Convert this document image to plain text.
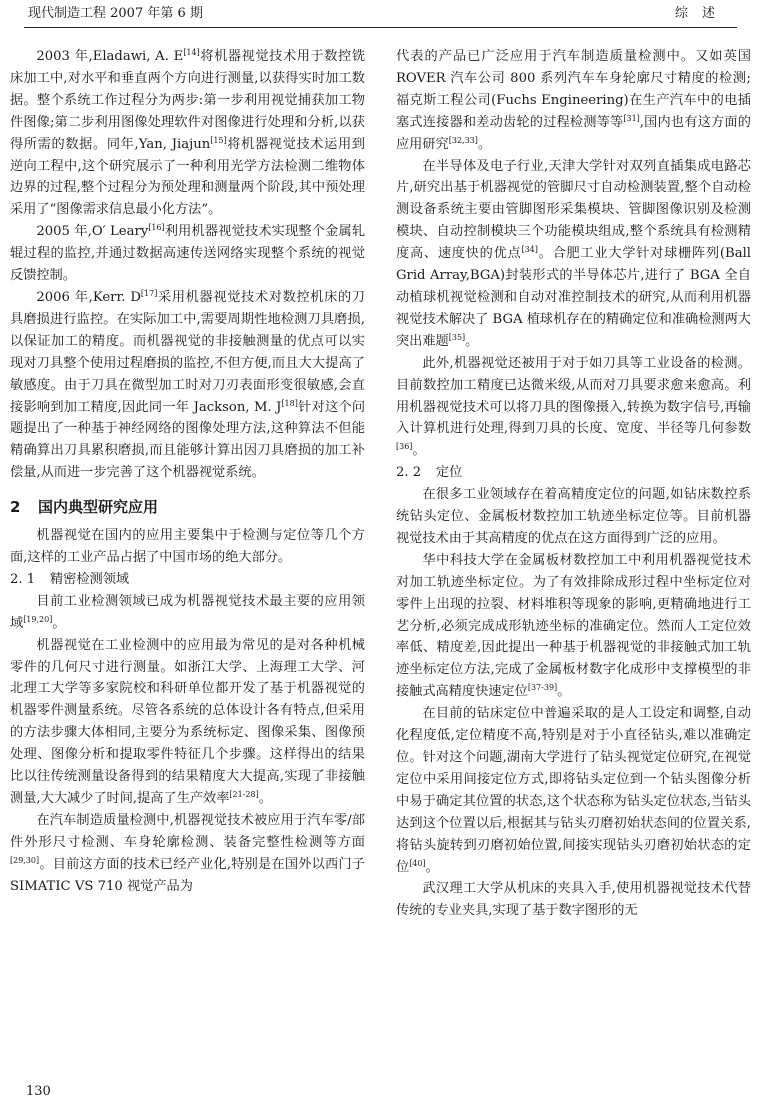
现代制造工程 2007 年第 6 期	综述

2003 年,Eladawi, A. E[14]将机器视觉技术用于数控铣床加工中,对水平和垂直两个方向进行测量,以获得实时加工数据。整个系统工作过程分为两步:第一步利用视觉捕获加工物件图像;第二步利用图像处理软件对图像进行处理和分析,以获得所需的数据。同年,Yan, Jiajun[15]将机器视觉技术运用到逆向工程中,这个研究展示了一种利用光学方法检测二维物体边界的过程,整个过程分为预处理和测量两个阶段,其中预处理采用了“图像需求信息最小化方法”。

2005 年,O′ Leary[16]利用机器视觉技术实现整个金属轧辊过程的监控,并通过数据高速传送网络实现整个系统的视觉反馈控制。

2006 年,Kerr. D[17]采用机器视觉技术对数控机床的刀具磨损进行监控。在实际加工中,需要周期性地检测刀具磨损,以保证加工的精度。而机器视觉的非接触测量的优点可以实现对刀具整个使用过程磨损的监控,不但方便,而且大大提高了敏感度。由于刀具在微型加工时对刀刃表面形变很敏感,会直接影响到加工精度,因此同一年 Jackson, M. J[18]针对这个问题提出了一种基于神经网络的图像处理方法,这种算法不但能精确算出刀具累积磨损,而且能够计算出因刀具磨损的加工补偿量,从而进一步完善了这个机器视觉系统。

2 国内典型研究应用

机器视觉在国内的应用主要集中于检测与定位等几个方面,这样的工业产品占据了中国市场的绝大部分。

2. 1 精密检测领域

目前工业检测领域已成为机器视觉技术最主要的应用领域[19,20]。

机器视觉在工业检测中的应用最为常见的是对各种机械零件的几何尺寸进行测量。如浙江大学、上海理工大学、河北理工大学等多家院校和科研单位都开发了基于机器视觉的机器零件测量系统。尽管各系统的总体设计各有特点,但采用的方法步骤大体相同,主要分为系统标定、图像采集、图像预处理、图像分析和提取零件特征几个步骤。这样得出的结果比以往传统测量设备得到的结果精度大大提高,实现了非接触测量,大大减少了时间,提高了生产效率[21-28]。

在汽车制造质量检测中,机器视觉技术被应用于汽车零/部件外形尺寸检测、车身轮廓检测、装备完整性检测等方面[29,30]。目前这方面的技术已经产业化,特别是在国外以西门子 SIMATIC VS 710 视觉产品为

代表的产品已广泛应用于汽车制造质量检测中。又如英国 ROVER 汽车公司 800 系列汽车车身轮廓尺寸精度的检测;福克斯工程公司(Fuchs Engineering)在生产汽车中的电插塞式连接器和差动齿轮的过程检测等等[31],国内也有这方面的应用研究[32,33]。

在半导体及电子行业,天津大学针对双列直插集成电路芯片,研究出基于机器视觉的管脚尺寸自动检测装置,整个自动检测设备系统主要由管脚图形采集模块、管脚图像识别及检测模块、自动控制模块三个功能模块组成,整个系统具有检测精度高、速度快的优点[34]。合肥工业大学针对球栅阵列(Ball Grid Array,BGA)封装形式的半导体芯片,进行了 BGA 全自动植球机视觉检测和自动对准控制技术的研究,从而利用机器视觉技术解决了 BGA 植球机存在的精确定位和准确检测两大突出难题[35]。

此外,机器视觉还被用于对于如刀具等工业设备的检测。目前数控加工精度已达微米级,从而对刀具要求愈来愈高。利用机器视觉技术可以将刀具的图像摄入,转换为数字信号,再输入计算机进行处理,得到刀具的长度、宽度、半径等几何参数[36]。

2. 2 定位

在很多工业领域存在着高精度定位的问题,如钻床数控系统钻头定位、金属板材数控加工轨迹坐标定位等。目前机器视觉技术由于其高精度的优点在这方面得到广泛的应用。

华中科技大学在金属板材数控加工中利用机器视觉技术对加工轨迹坐标定位。为了有效排除成形过程中坐标定位对零件上出现的拉裂、材料堆积等现象的影响,更精确地进行工艺分析,必须完成成形轨迹坐标的准确定位。然而人工定位效率低、精度差,因此提出一种基于机器视觉的非接触式加工轨迹坐标定位方法,完成了金属板材数字化成形中支撑模型的非接触式高精度快速定位[37-39]。

在目前的钻床定位中普遍采取的是人工设定和调整,自动化程度低,定位精度不高,特别是对于小直径钻头,难以准确定位。针对这个问题,湖南大学进行了钻头视觉定位研究,在视觉定位中采用间接定位方式,即将钻头定位到一个钻头图像分析中易于确定其位置的状态,这个状态称为钻头定位状态,当钻头达到这个位置以后,根据其与钻头刃磨初始状态间的位置关系,将钻头旋转到刃磨初始位置,间接实现钻头刃磨初始状态的定位[40]。

武汉理工大学从机床的夹具入手,使用机器视觉技术代替传统的专业夹具,实现了基于数字图形的无

130
